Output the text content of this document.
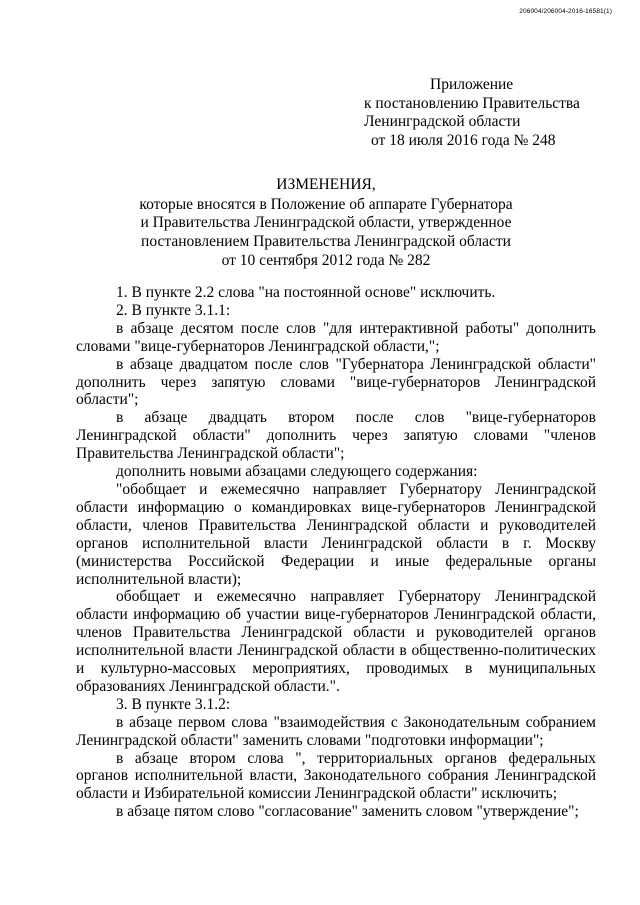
206004/206004-2016-16581(1)
Приложение
к постановлению Правительства
Ленинградской области
от 18 июля 2016 года № 248
ИЗМЕНЕНИЯ,
которые вносятся в Положение об аппарате Губернатора
и Правительства Ленинградской области, утвержденное
постановлением Правительства Ленинградской области
от 10 сентября 2012 года № 282

1. В пункте 2.2 слова "на постоянной основе" исключить.

2. В пункте 3.1.1:

в абзаце десятом после слов "для интерактивной работы" дополнить словами "вице-губернаторов Ленинградской области,";

в абзаце двадцатом после слов "Губернатора Ленинградской области" дополнить через запятую словами "вице-губернаторов Ленинградской области";

в абзаце двадцать втором после слов "вице-губернаторов Ленинградской области" дополнить через запятую словами "членов Правительства Ленинградской области";

дополнить новыми абзацами следующего содержания:

"обобщает и ежемесячно направляет Губернатору Ленинградской области информацию о командировках вице-губернаторов Ленинградской области, членов Правительства Ленинградской области и руководителей органов исполнительной власти Ленинградской области в г. Москву (министерства Российской Федерации и иные федеральные органы исполнительной власти);

обобщает и ежемесячно направляет Губернатору Ленинградской области информацию об участии вице-губернаторов Ленинградской области, членов Правительства Ленинградской области и руководителей органов исполнительной власти Ленинградской области в общественно-политических и культурно-массовых мероприятиях, проводимых в муниципальных образованиях Ленинградской области.".

3. В пункте 3.1.2:

в абзаце первом слова "взаимодействия с Законодательным собранием Ленинградской области" заменить словами "подготовки информации";

в абзаце втором слова ", территориальных органов федеральных органов исполнительной власти, Законодательного собрания Ленинградской области и Избирательной комиссии Ленинградской области" исключить;

в абзаце пятом слово "согласование" заменить словом "утверждение";
